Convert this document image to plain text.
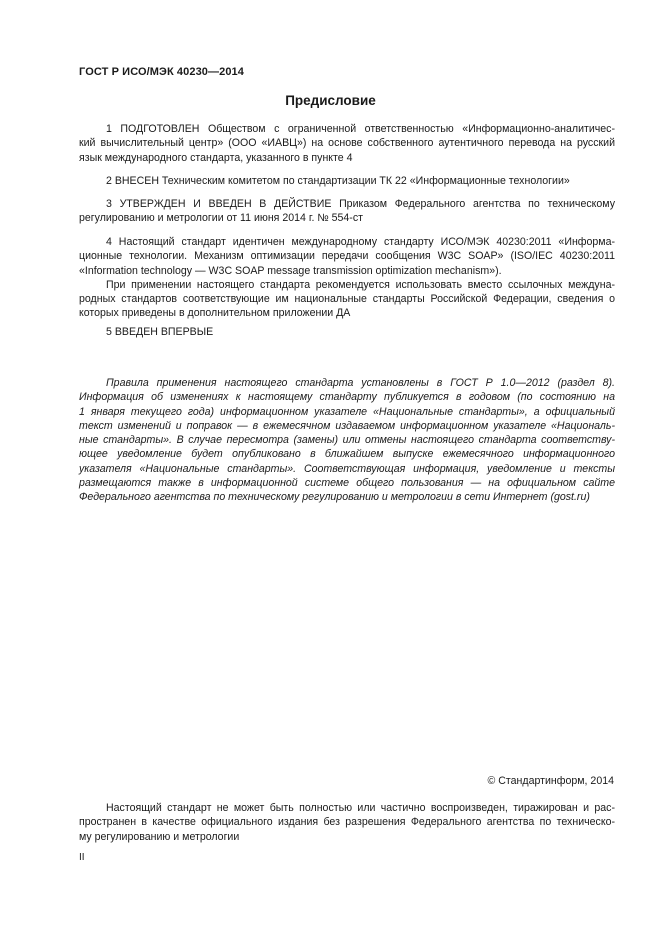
ГОСТ Р ИСО/МЭК 40230—2014
Предисловие
1 ПОДГОТОВЛЕН Обществом с ограниченной ответственностью «Информационно-аналитичес-
кий вычислительный центр» (ООО «ИАВЦ») на основе собственного аутентичного перевода на русский
язык международного стандарта, указанного в пункте 4
2 ВНЕСЕН Техническим комитетом по стандартизации ТК 22 «Информационные технологии»
3 УТВЕРЖДЕН И ВВЕДЕН В ДЕЙСТВИЕ Приказом Федерального агентства по техническому
регулированию и метрологии от 11 июня 2014 г. № 554-ст
4 Настоящий стандарт идентичен международному стандарту ИСО/МЭК 40230:2011 «Информа-
ционные технологии. Механизм оптимизации передачи сообщения W3C SOAP» (ISO/IEC 40230:2011
«Information technology — W3C SOAP message transmission optimization mechanism»).
При применении настоящего стандарта рекомендуется использовать вместо ссылочных междуна-
родных стандартов соответствующие им национальные стандарты Российской Федерации, сведения о
которых приведены в дополнительном приложении ДА
5 ВВЕДЕН ВПЕРВЫЕ
Правила применения настоящего стандарта установлены в ГОСТ Р 1.0—2012 (раздел 8).
Информация об изменениях к настоящему стандарту публикуется в годовом (по состоянию на
1 января текущего года) информационном указателе «Национальные стандарты», а официальный
текст изменений и поправок — в ежемесячном издаваемом информационном указателе «Националь-
ные стандарты». В случае пересмотра (замены) или отмены настоящего стандарта соответству-
ющее уведомление будет опубликовано в ближайшем выпуске ежемесячного информационного
указателя «Национальные стандарты». Соответствующая информация, уведомление и тексты
размещаются также в информационной системе общего пользования — на официальном сайте
Федерального агентства по техническому регулированию и метрологии в сети Интернет (gost.ru)
© Стандартинформ, 2014
Настоящий стандарт не может быть полностью или частично воспроизведен, тиражирован и рас-
пространен в качестве официального издания без разрешения Федерального агентства по техническо-
му регулированию и метрологии
II
